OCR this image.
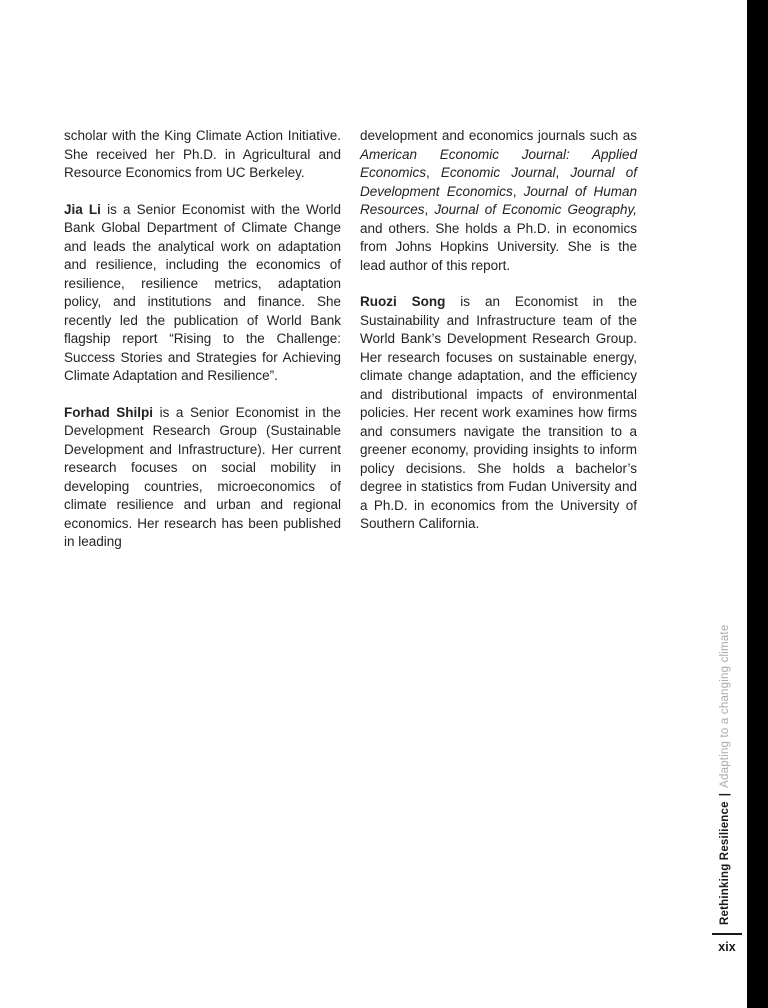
scholar with the King Climate Action Initiative. She received her Ph.D. in Agricultural and Resource Economics from UC Berkeley.

Jia Li is a Senior Economist with the World Bank Global Department of Climate Change and leads the analytical work on adaptation and resilience, including the economics of resilience, resilience metrics, adaptation policy, and institutions and finance. She recently led the publication of World Bank flagship report “Rising to the Challenge: Success Stories and Strategies for Achieving Climate Adaptation and Resilience”.

Forhad Shilpi is a Senior Economist in the Development Research Group (Sustainable Development and Infrastructure). Her current research focuses on social mobility in developing countries, microeconomics of climate resilience and urban and regional economics. Her research has been published in leading

development and economics journals such as American Economic Journal: Applied Economics, Economic Journal, Journal of Development Economics, Journal of Human Resources, Journal of Economic Geography, and others. She holds a Ph.D. in economics from Johns Hopkins University. She is the lead author of this report.

Ruozi Song is an Economist in the Sustainability and Infrastructure team of the World Bank’s Development Research Group. Her research focuses on sustainable energy, climate change adaptation, and the efficiency and distributional impacts of environmental policies. Her recent work examines how firms and consumers navigate the transition to a greener economy, providing insights to inform policy decisions. She holds a bachelor’s degree in statistics from Fudan University and a Ph.D. in economics from the University of Southern California.

Rethinking Resilience|Adapting to a changing climate
xix
